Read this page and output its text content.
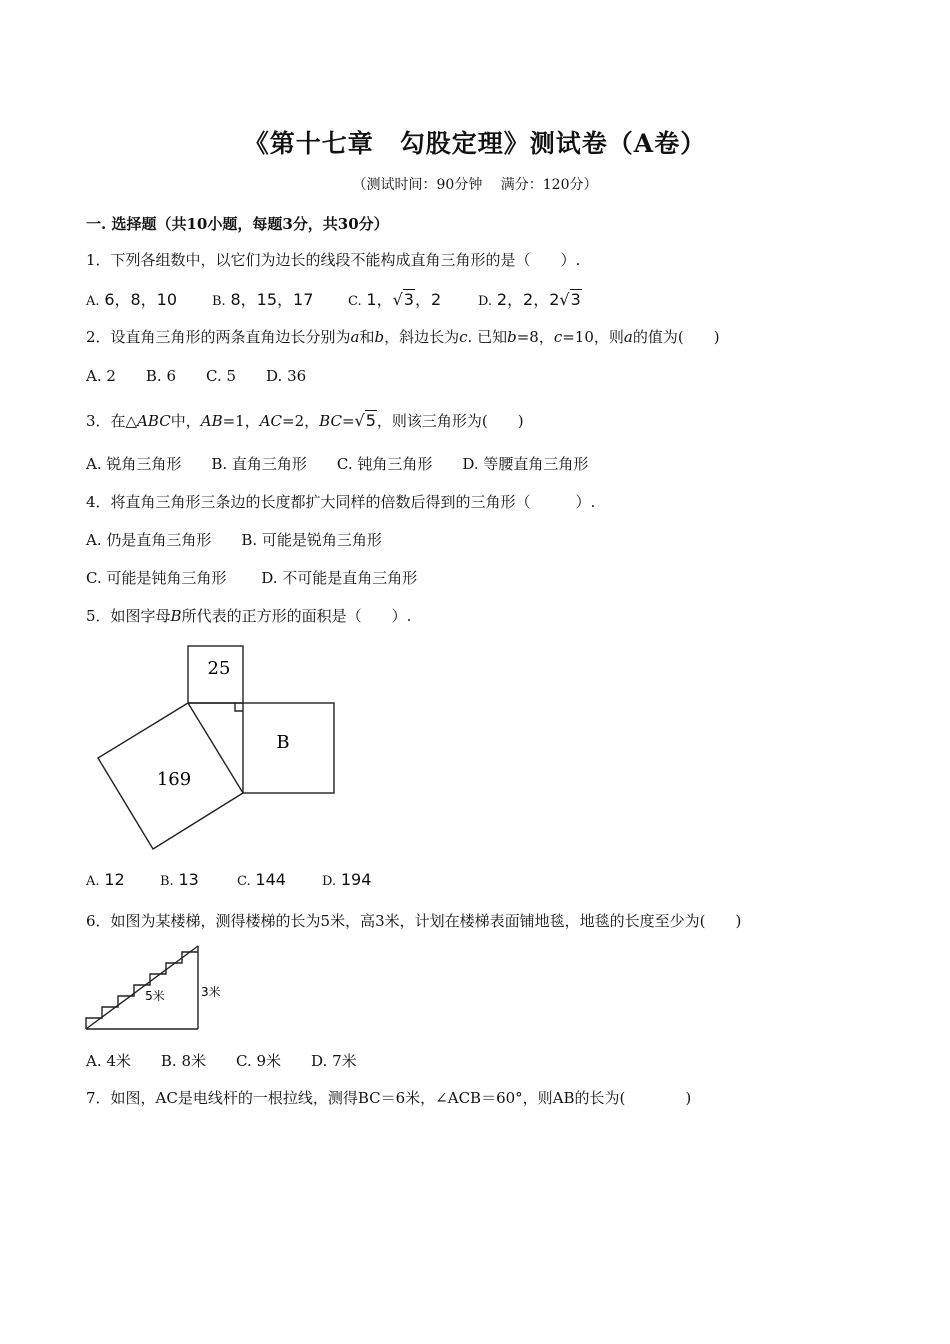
《第十七章　勾股定理》测试卷（A卷）
（测试时间：90分钟　 满分：120分）
一. 选择题（共10小题，每题3分，共30分）
1．下列各组数中，以它们为边长的线段不能构成直角三角形的是（　　）.
A. 6，8，10	B. 8，15，17	C. 1，√3，2	D. 2，2，2√3
2．设直角三角形的两条直角边长分别为a和b，斜边长为c. 已知b=8，c=10，则a的值为(　　)
A. 2　　B. 6　　C. 5　　D. 36
3．在△ABC中，AB=1，AC=2，BC=√5，则该三角形为(　　)
A. 锐角三角形　　B. 直角三角形　　C. 钝角三角形　　D. 等腰直角三角形
4．将直角三角形三条边的长度都扩大同样的倍数后得到的三角形（　　　）.
A. 仍是直角三角形　　B. 可能是锐角三角形
C. 可能是钝角三角形　　 D. 不可能是直角三角形
5．如图字母B所代表的正方形的面积是（　　）.
25
B
169
A. 12	B. 13	C. 144	D. 194
6．如图为某楼梯，测得楼梯的长为5米，高3米，计划在楼梯表面铺地毯，地毯的长度至少为(　　)
5米	3米
A. 4米　　B. 8米　　C. 9米　　D. 7米
7．如图，AC是电线杆的一根拉线，测得BC＝6米，∠ACB＝60°，则AB的长为(　　　　)
